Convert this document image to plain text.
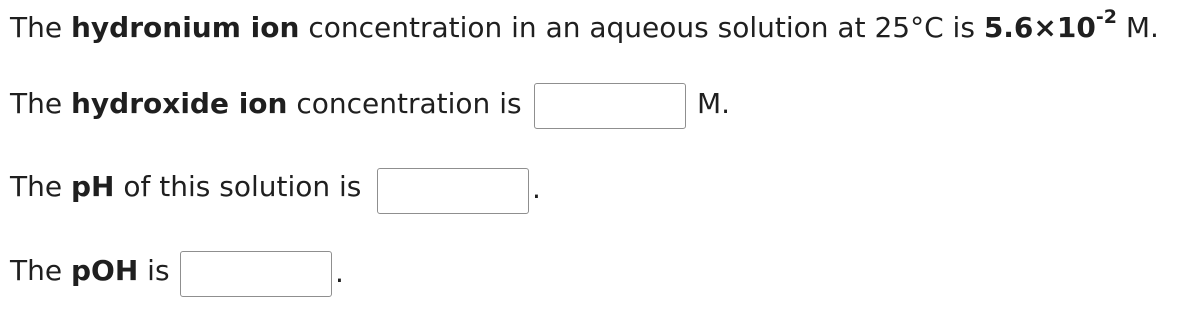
The hydronium ion concentration in an aqueous solution at 25°C is $5.6\times 10^{-2}$ M.
The hydroxide ion concentration is	M.
The pH of this solution is	.
The pOH is	.
